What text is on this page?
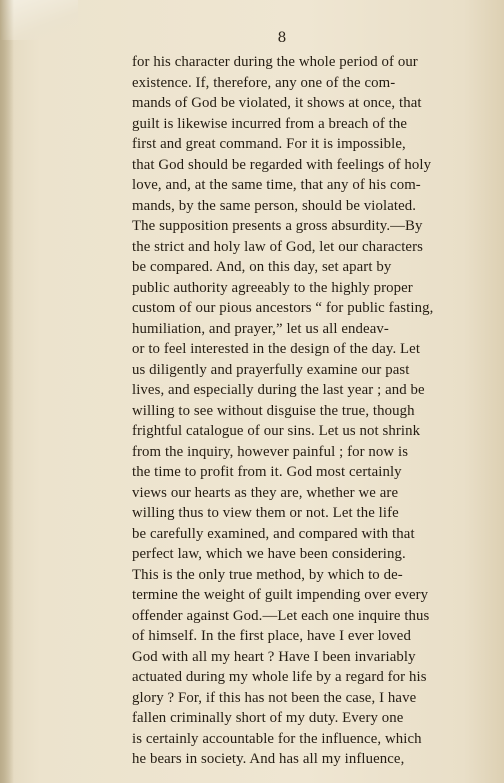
8
for his character during the whole period of our
existence. If, therefore, any one of the com-
mands of God be violated, it shows at once, that
guilt is likewise incurred from a breach of the
first and great command. For it is impossible,
that God should be regarded with feelings of holy
love, and, at the same time, that any of his com-
mands, by the same person, should be violated.
The supposition presents a gross absurdity.—By
the strict and holy law of God, let our characters
be compared. And, on this day, set apart by
public authority agreeably to the highly proper
custom of our pious ancestors “ for public fasting,
humiliation, and prayer,” let us all endeav-
or to feel interested in the design of the day. Let
us diligently and prayerfully examine our past
lives, and especially during the last year ; and be
willing to see without disguise the true, though
frightful catalogue of our sins. Let us not shrink
from the inquiry, however painful ; for now is
the time to profit from it. God most certainly
views our hearts as they are, whether we are
willing thus to view them or not. Let the life
be carefully examined, and compared with that
perfect law, which we have been considering.
This is the only true method, by which to de-
termine the weight of guilt impending over every
offender against God.—Let each one inquire thus
of himself. In the first place, have I ever loved
God with all my heart ? Have I been invariably
actuated during my whole life by a regard for his
glory ? For, if this has not been the case, I have
fallen criminally short of my duty. Every one
is certainly accountable for the influence, which
he bears in society. And has all my influence,
